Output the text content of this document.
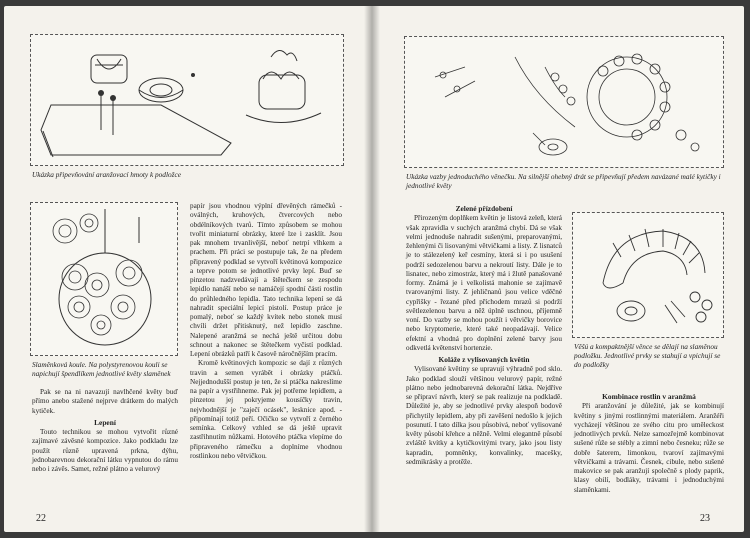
Ukázka připevňování aranžovací hmoty k podložce

Slaměnková koule. Na polystyrenovou kouli se napichují špendlíkem jednotlivé květy slaměnek

Pak se na ni navazují navlhčené květy buď přímo anebo stažené nejprve drátkem do malých kytiček.

Lepení

Touto technikou se mohou vytvořit různé zajímavé závěsné kompozice. Jako podkladu lze použít různě upravená prkna, dýhu, jednobarevnou dekorační látku vypnutou do rámu nebo i závěs. Samet, režné plátno a velurový

papír jsou vhodnou výplní dřevěných rámečků - oválných, kruhových, čtvercových nebo obdélníkových tvarů. Tímto způsobem se mohou tvořit miniaturní obrázky, které lze i zasklít. Jsou pak mnohem trvanlivější, neboť netrpí vlhkem a prachem. Při práci se postupuje tak, že na předem připravený podklad se vytvoří květinová kompozice a teprve potom se jednotlivé prvky lepí. Buď se pinzetou nadzvedávají a štětečkem se zespodu lepidlo nanáší nebo se namáčejí spodní části rostlin do průhledného lepidla. Tato technika lepení se dá nahradit speciální lepicí pistolí. Postup práce je pomalý, neboť se každý kvítek nebo stonek musí chvíli držet přitisknutý, než lepidlo zaschne. Nalepené aranžmá se nechá ještě určitou dobu schnout a nakonec se štětečkem vyčistí podklad. Lepení obrázků patří k časově náročnějším pracím.

Kromě květinových kompozic se dají z různých travin a semen vyrábět i obrázky ptáčků. Nejjednodušší postup je ten, že si ptáčka nakreslíme na papír a vystřihneme. Pak jej potřeme lepidlem, a pinzetou jej pokryjeme kousíčky travin, nejvhodnější je "zaječí ocásek", lesknice apod. - připomínají totiž peří. Očičko se vytvoří z černého semínka. Celkový vzhled se dá ještě upravit zastřihnutím nůžkami. Hotového ptáčka vlepíme do připraveného rámečku a doplníme vhodnou rostlinkou nebo větvičkou.

22

Ukázka vazby jednoduchého věnečku. Na silnější ohebný drát se připevňují předem navázané malé kytičky i jednotlivé květy

Zelené přízdobení

Přirozeným doplňkem květin je listová zeleň, která však zpravidla v suchých aranžmá chybí. Dá se však velmi jednoduše nahradit sušenými, preparovanými, žehlenými či lisovanými větvičkami a listy. Z lisnatců je to stálezelený keř cesmíny, která si i po usušení podrží sedozelenou barvu a nekroutí listy. Dále je to lisnatec, nebo zimostráz, který má i žlutě panašované formy. Známá je i velkolistá mahonie se zajímavě tvarovanými listy. Z jehličnanů jsou velice vděčné cypřišky - řezané před příchodem mrazů si podrží světlezelenou barvu a něž úplně uschnou, příjemně voní. Do vazby se mohou použít i větvičky borovice nebo kryptomerie, které také neopadávají. Velice efektní a vhodná pro doplnění zelené barvy jsou odkvetlá květenství hortenzie.

Koláže z vylisovaných květin

Vylisované květiny se upravují výhradně pod sklo. Jako podklad slouží většinou velurový papír, režné plátno nebo jednobarevná dekorační látka. Nejdříve se připraví návrh, který se pak realizuje na podkladě. Důležité je, aby se jednotlivé prvky alespoň bodově přichytily lepidlem, aby při zavěšení nedošlo k jejich posunutí. I tato dílka jsou působivá, neboť vylisované květy působí křehce a něžně. Velmi elegantně působí zvláště kvítky a kytičkovitými tvary, jako jsou listy kapradin, pomněnky, konvalinky, macešky, sedmikrásky a protěže.

Věšú a kompaktnější věnce se dělají na slaměnou podložku. Jednotlivé prvky se stahují a vpichují se do podložky

Kombinace rostlin v aranžmá

Při aranžování je důležité, jak se kombinují květiny s jinými rostlinnými materiálem. Aranžéři vycházejí většinou ze svého citu pro uměleckost jednotlivých prvků. Nelze samozřejmě kombinovat sušené růže se stébly a zimní nebo česneku; růže se dobře šaterem, limonkou, tvaroví zajímavými větvičkami a trávami. Česnek, cibule, nebo sušené makovice se pak aranžují společně s plody paprik, klasy obilí, bodláky, trávami i jednoduchými slaměnkami.

23
